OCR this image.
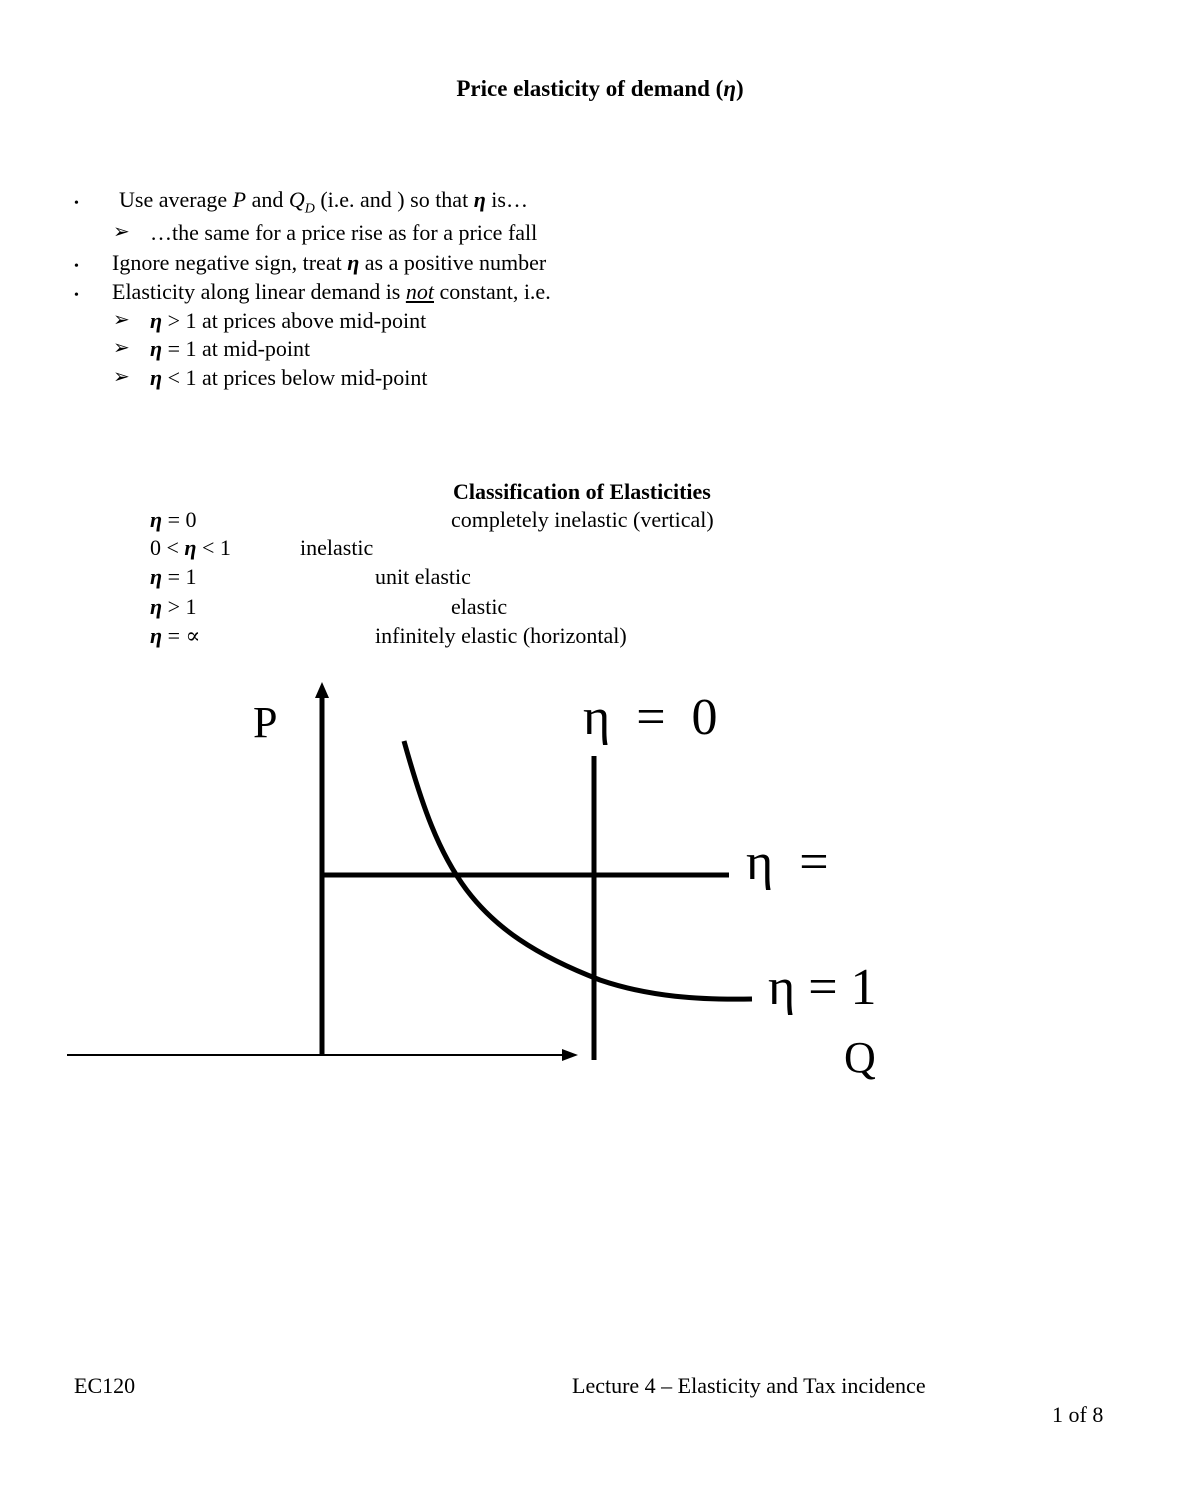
Price elasticity of demand (η)
• Use average P and $Q_D$ (i.e. and ) so that η is…
➢ …the same for a price rise as for a price fall
• Ignore negative sign, treat η as a positive number
• Elasticity along linear demand is not constant, i.e.
➢ η > 1 at prices above mid-point
➢ η = 1 at mid-point
➢ η < 1 at prices below mid-point
Classification of Elasticities
η = 0	completely inelastic (vertical)
0 < η < 1	inelastic
η = 1	unit elastic
η > 1	elastic
η = ∝	infinitely elastic (horizontal)
P
Q
η  =  0
η  =
η = 1
EC120	Lecture 4 – Elasticity and Tax incidence
1 of 8
